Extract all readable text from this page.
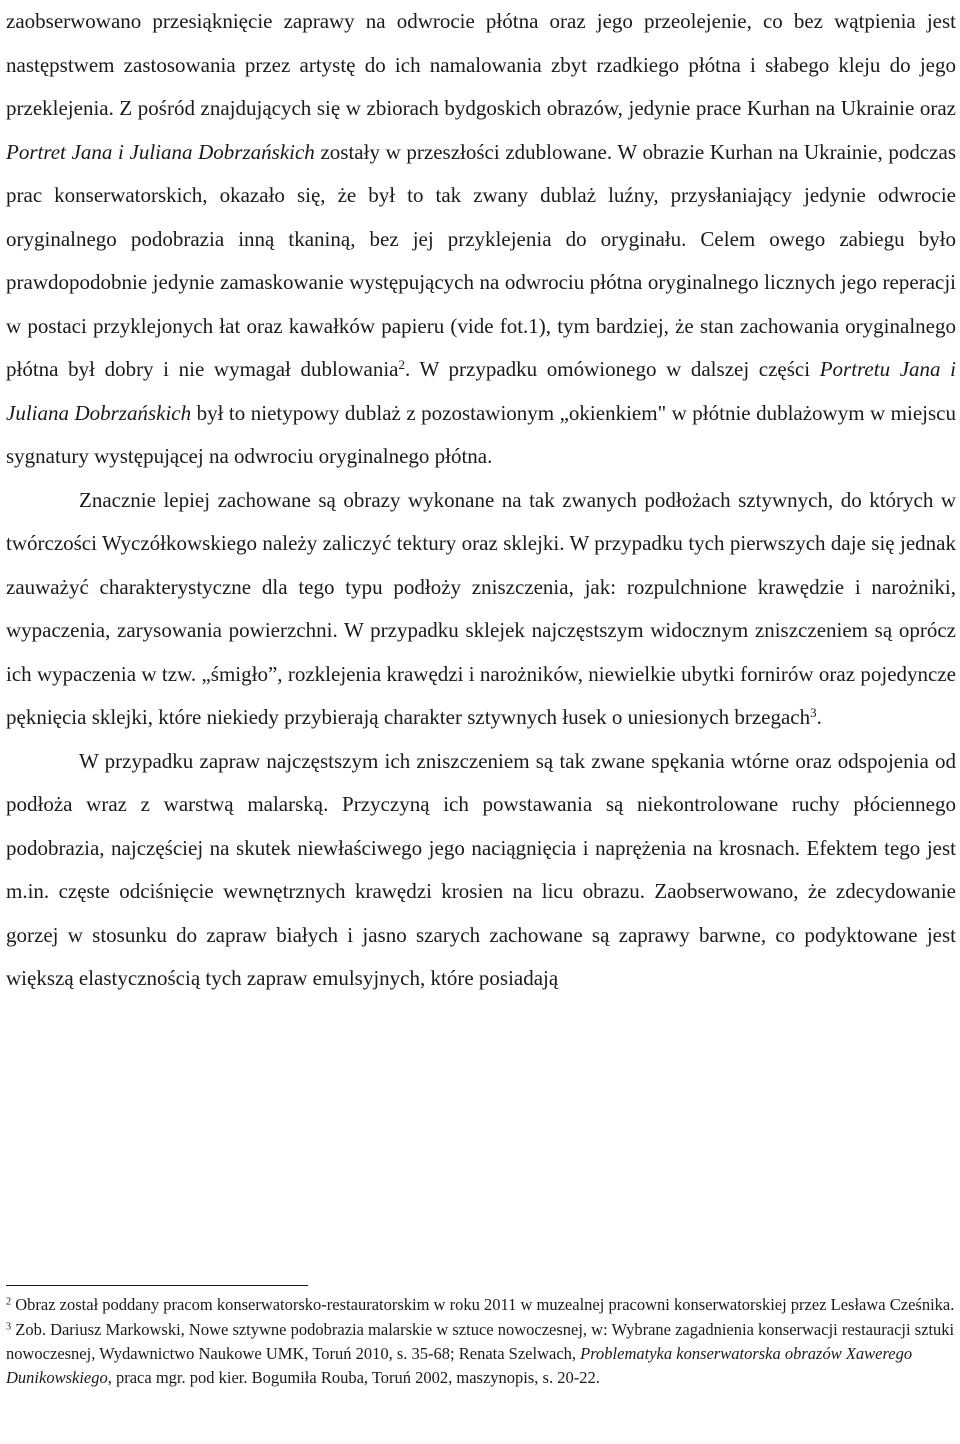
zaobserwowano przesiąknięcie zaprawy na odwrocie płótna oraz jego przeolejenie, co bez wątpienia jest następstwem zastosowania przez artystę do ich namalowania zbyt rzadkiego płótna i słabego kleju do jego przeklejenia. Z pośród znajdujących się w zbiorach bydgoskich obrazów, jedynie prace Kurhan na Ukrainie oraz Portret Jana i Juliana Dobrzańskich zostały w przeszłości zdublowane. W obrazie Kurhan na Ukrainie, podczas prac konserwatorskich, okazało się, że był to tak zwany dublaż luźny, przysłaniający jedynie odwrocie oryginalnego podobrazia inną tkaniną, bez jej przyklejenia do oryginału. Celem owego zabiegu było prawdopodobnie jedynie zamaskowanie występujących na odwrociu płótna oryginalnego licznych jego reperacji w postaci przyklejonych łat oraz kawałków papieru (vide fot.1), tym bardziej, że stan zachowania oryginalnego płótna był dobry i nie wymagał dublowania$^2$. W przypadku omówionego w dalszej części Portretu Jana i Juliana Dobrzańskich był to nietypowy dublaż z pozostawionym „okienkiem" w płótnie dublażowym w miejscu sygnatury występującej na odwrociu oryginalnego płótna.

Znacznie lepiej zachowane są obrazy wykonane na tak zwanych podłożach sztywnych, do których w twórczości Wyczółkowskiego należy zaliczyć tektury oraz sklejki. W przypadku tych pierwszych daje się jednak zauważyć charakterystyczne dla tego typu podłoży zniszczenia, jak: rozpulchnione krawędzie i narożniki, wypaczenia, zarysowania powierzchni. W przypadku sklejek najczęstszym widocznym zniszczeniem są oprócz ich wypaczenia w tzw. „śmigło”, rozklejenia krawędzi i narożników, niewielkie ubytki fornirów oraz pojedyncze pęknięcia sklejki, które niekiedy przybierają charakter sztywnych łusek o uniesionych brzegach$^3$.

W przypadku zapraw najczęstszym ich zniszczeniem są tak zwane spękania wtórne oraz odspojenia od podłoża wraz z warstwą malarską. Przyczyną ich powstawania są niekontrolowane ruchy płóciennego podobrazia, najczęściej na skutek niewłaściwego jego naciągnięcia i naprężenia na krosnach. Efektem tego jest m.in. częste odciśnięcie wewnętrznych krawędzi krosien na licu obrazu. Zaobserwowano, że zdecydowanie gorzej w stosunku do zapraw białych i jasno szarych zachowane są zaprawy barwne, co podyktowane jest większą elastycznością tych zapraw emulsyjnych, które posiadają

$^2$ Obraz został poddany pracom konserwatorsko-restauratorskim w roku 2011 w muzealnej pracowni konserwatorskiej przez Lesława Cześnika.

$^3$ Zob. Dariusz Markowski, Nowe sztywne podobrazia malarskie w sztuce nowoczesnej, w: Wybrane zagadnienia konserwacji restauracji sztuki nowoczesnej, Wydawnictwo Naukowe UMK, Toruń 2010, s. 35-68; Renata Szelwach, Problematyka konserwatorska obrazów Xawerego Dunikowskiego, praca mgr. pod kier. Bogumiła Rouba, Toruń 2002, maszynopis, s. 20-22.
